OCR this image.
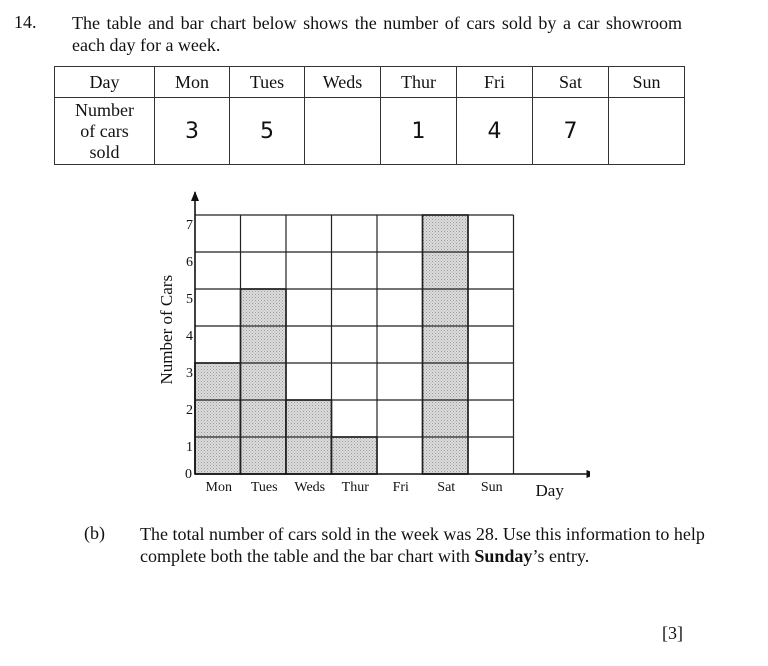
14. The table and bar chart below shows the number of cars sold by a car showroom each day for a week.
Day	Mon	Tues	Weds	Thur	Fri	Sat	Sun

Number
of cars
sold	3	5		1	4	7	
0
1
2
3
4
5
6
7
Mon Tues Weds Thur Fri Sat Sun Day
Number of Cars
(b) The total number of cars sold in the week was 28. Use this information to help complete both the table and the bar chart with Sunday’s entry.
[3]
